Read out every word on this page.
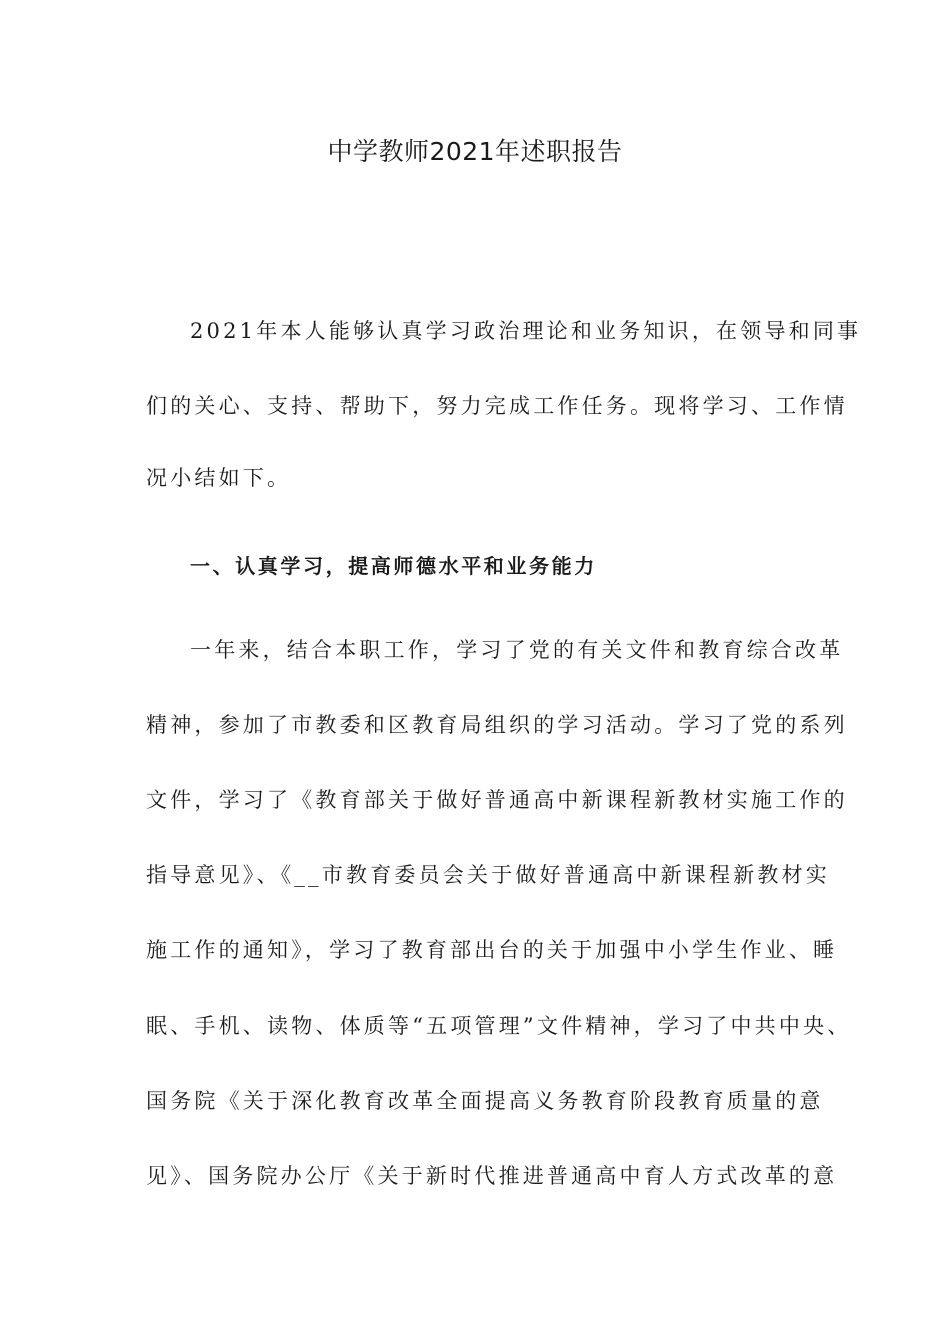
中学教师2021年述职报告
2021年本人能够认真学习政治理论和业务知识，在领导和同事
们的关心、支持、帮助下，努力完成工作任务。现将学习、工作情
况小结如下。
一、认真学习，提高师德水平和业务能力
一年来，结合本职工作，学习了党的有关文件和教育综合改革
精神，参加了市教委和区教育局组织的学习活动。学习了党的系列
文件，学习了《教育部关于做好普通高中新课程新教材实施工作的
指导意见》、《__市教育委员会关于做好普通高中新课程新教材实
施工作的通知》，学习了教育部出台的关于加强中小学生作业、睡
眠、手机、读物、体质等“五项管理”文件精神，学习了中共中央、
国务院《关于深化教育改革全面提高义务教育阶段教育质量的意
见》、国务院办公厅《关于新时代推进普通高中育人方式改革的意
